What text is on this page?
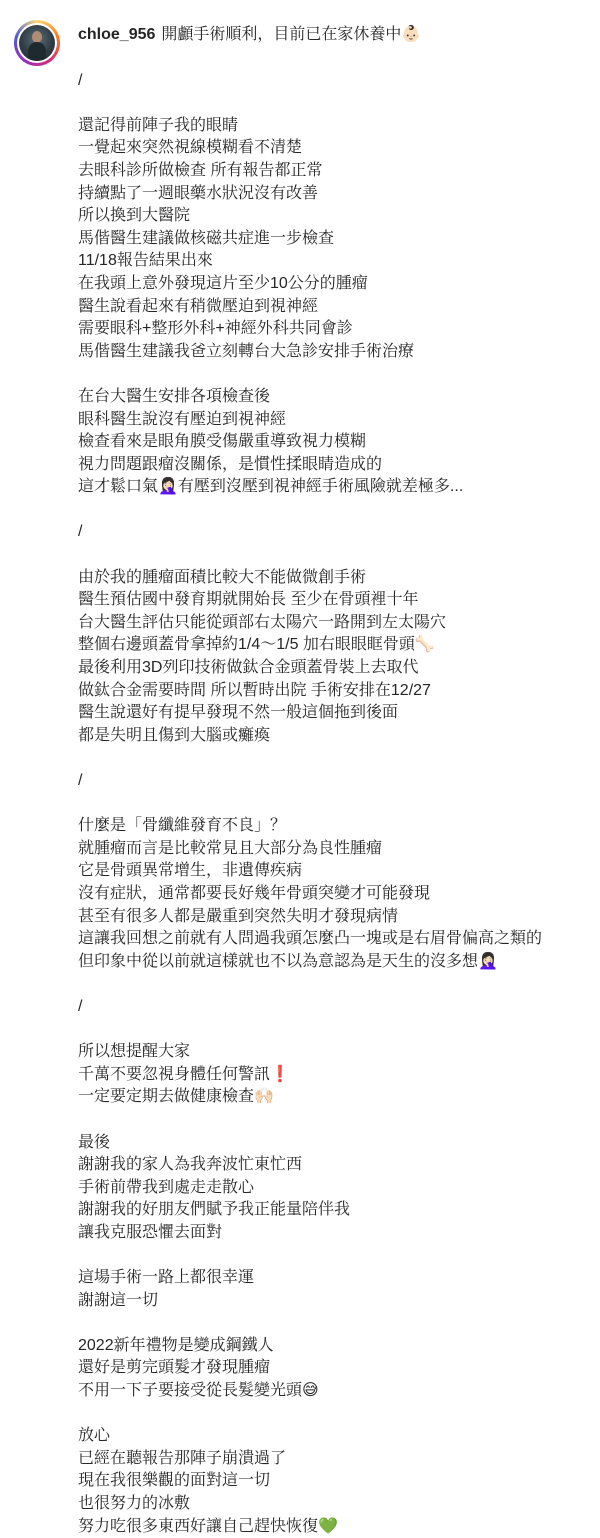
chloe_956 開顱手術順利，目前已在家休養中👶🏻
/
還記得前陣子我的眼睛
一覺起來突然視線模糊看不清楚
去眼科診所做檢查 所有報告都正常
持續點了一週眼藥水狀況沒有改善
所以換到大醫院
馬偕醫生建議做核磁共症進一步檢查
11/18報告結果出來
在我頭上意外發現這片至少10公分的腫瘤
醫生說看起來有稍微壓迫到視神經
需要眼科+整形外科+神經外科共同會診
馬偕醫生建議我爸立刻轉台大急診安排手術治療
在台大醫生安排各項檢查後
眼科醫生說沒有壓迫到視神經
檢查看來是眼角膜受傷嚴重導致視力模糊
視力問題跟瘤沒關係，是慣性揉眼睛造成的
這才鬆口氣🤦🏻‍♀️有壓到沒壓到視神經手術風險就差極多...
/
由於我的腫瘤面積比較大不能做微創手術
醫生預估國中發育期就開始長 至少在骨頭裡十年
台大醫生評估只能從頭部右太陽穴一路開到左太陽穴
整個右邊頭蓋骨拿掉約1/4～1/5 加右眼眼眶骨頭🦴
最後利用3D列印技術做鈦合金頭蓋骨裝上去取代
做鈦合金需要時間 所以暫時出院 手術安排在12/27
醫生說還好有提早發現不然一般這個拖到後面
都是失明且傷到大腦或癱瘓
/
什麼是「骨纖維發育不良」？
就腫瘤而言是比較常見且大部分為良性腫瘤
它是骨頭異常增生，非遺傳疾病
沒有症狀，通常都要長好幾年骨頭突變才可能發現
甚至有很多人都是嚴重到突然失明才發現病情
這讓我回想之前就有人問過我頭怎麼凸一塊或是右眉骨偏高之類的
但印象中從以前就這樣就也不以為意認為是天生的沒多想🤦🏻‍♀️
/
所以想提醒大家
千萬不要忽視身體任何警訊❗️
一定要定期去做健康檢查🙌🏻
最後
謝謝我的家人為我奔波忙東忙西
手術前帶我到處走走散心
謝謝我的好朋友們賦予我正能量陪伴我
讓我克服恐懼去面對
這場手術一路上都很幸運
謝謝這一切
2022新年禮物是變成鋼鐵人
還好是剪完頭髮才發現腫瘤
不用一下子要接受從長髮變光頭😅
放心
已經在聽報告那陣子崩潰過了
現在我很樂觀的面對這一切
也很努力的冰敷
努力吃很多東西好讓自己趕快恢復💚
